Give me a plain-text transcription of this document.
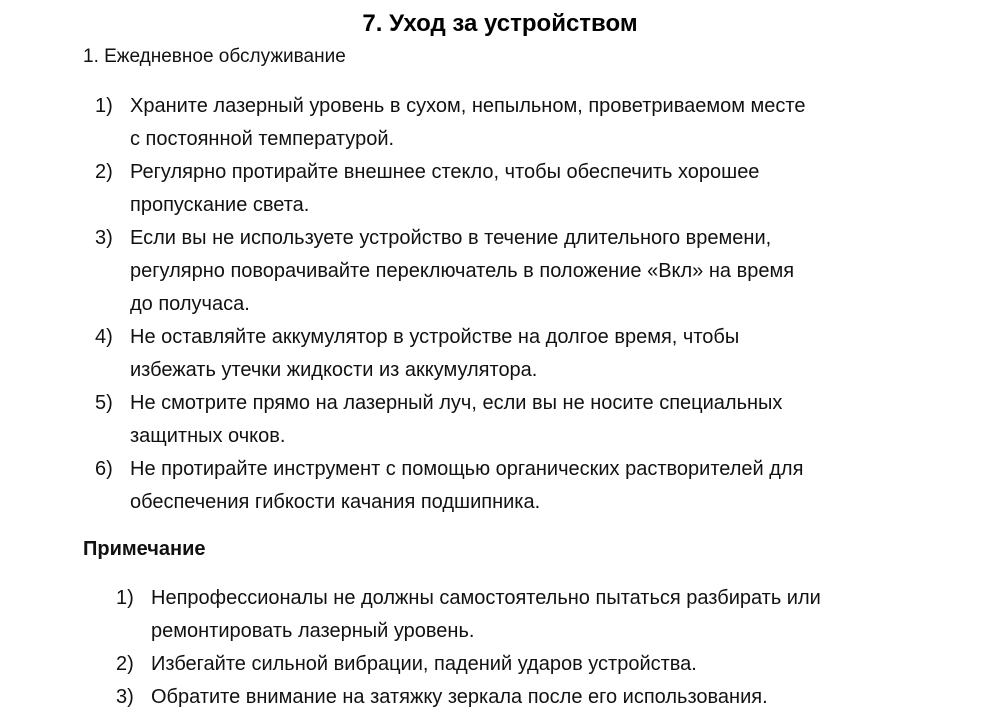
7. Уход за устройством

1. Ежедневное обслуживание

1) Храните лазерный уровень в сухом, непыльном, проветриваемом месте
с постоянной температурой.
2) Регулярно протирайте внешнее стекло, чтобы обеспечить хорошее
пропускание света.
3) Если вы не используете устройство в течение длительного времени,
регулярно поворачивайте переключатель в положение «Вкл» на время
до получаса.
4) Не оставляйте аккумулятор в устройстве на долгое время, чтобы
избежать утечки жидкости из аккумулятора.
5) Не смотрите прямо на лазерный луч, если вы не носите специальных
защитных очков.
6) Не протирайте инструмент с помощью органических растворителей для
обеспечения гибкости качания подшипника.
Примечание
1) Непрофессионалы не должны самостоятельно пытаться разбирать или
ремонтировать лазерный уровень.
2) Избегайте сильной вибрации, падений ударов устройства.
3) Обратите внимание на затяжку зеркала после его использования.
